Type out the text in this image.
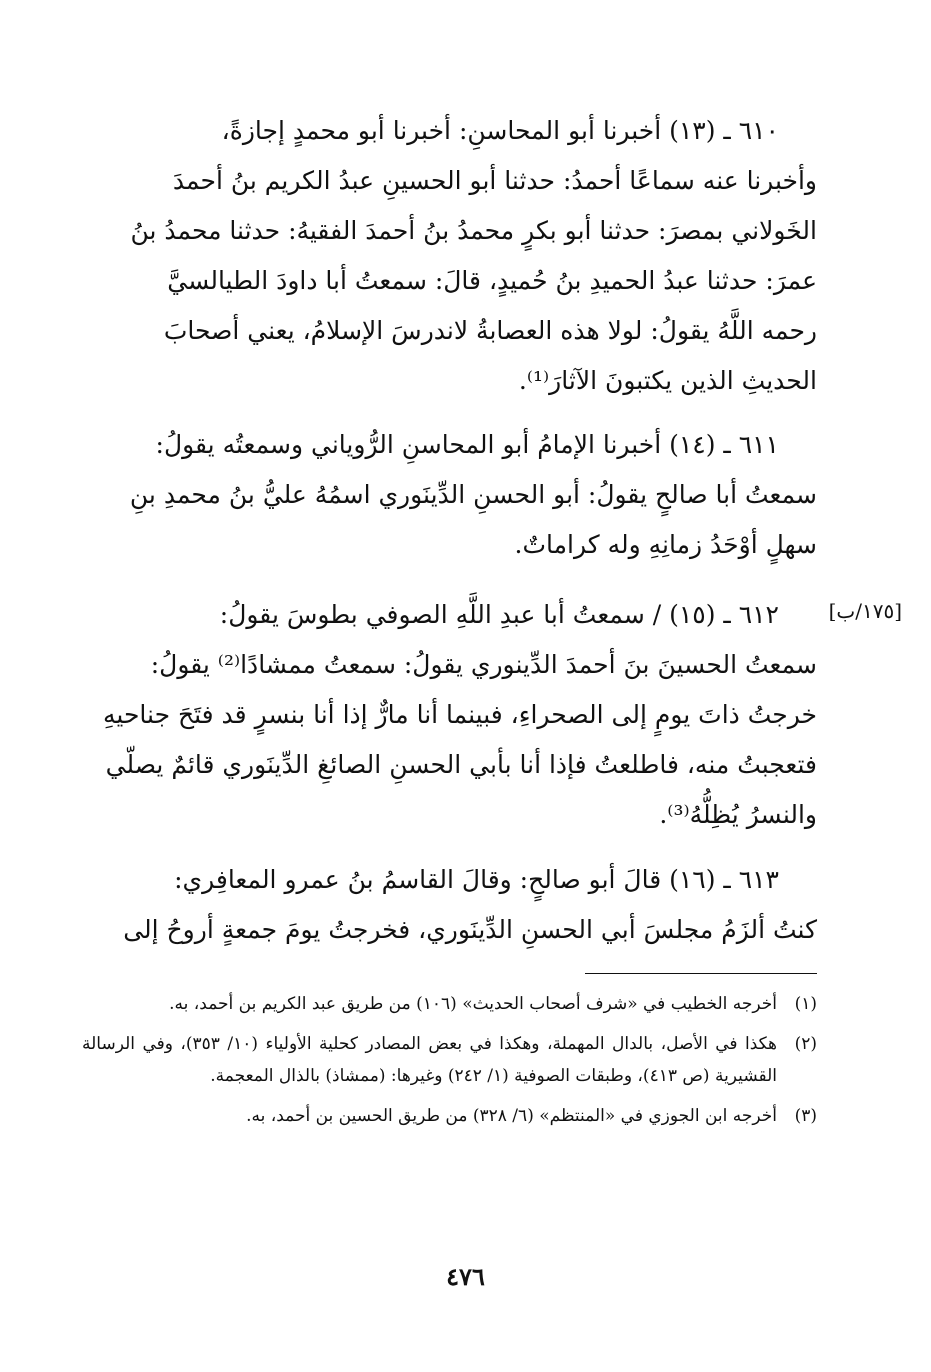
[١٧٥/ب]

٦١٠ ـ (١٣) أخبرنا أبو المحاسنِ: أخبرنا أبو محمدٍ إجازةً،

وأخبرنا عنه سماعًا أحمدُ: حدثنا أبو الحسينِ عبدُ الكريم بنُ أحمدَ

الخَولاني بمصرَ: حدثنا أبو بكرٍ محمدُ بنُ أحمدَ الفقيهُ: حدثنا محمدُ بنُ

عمرَ: حدثنا عبدُ الحميدِ بنُ حُميدٍ، قالَ: سمعتُ أبا داودَ الطيالسيَّ

رحمه اللَّهُ يقولُ: لولا هذه العصابةُ لاندرسَ الإسلامُ، يعني أصحابَ

الحديثِ الذين يكتبونَ الآثارَ⁽¹⁾.

٦١١ ـ (١٤) أخبرنا الإمامُ أبو المحاسنِ الرُّوياني وسمعتُه يقولُ:

سمعتُ أبا صالحٍ يقولُ: أبو الحسنِ الدِّينَوري اسمُهُ عليُّ بنُ محمدِ بنِ

سهلٍ أوْحَدُ زمانِهِ وله كراماتٌ.

٦١٢ ـ (١٥) / سمعتُ أبا عبدِ اللَّهِ الصوفي بطوسَ يقولُ:

سمعتُ الحسينَ بنَ أحمدَ الدِّينوري يقولُ: سمعتُ ممشادًا⁽²⁾ يقولُ:

خرجتُ ذاتَ يومٍ إلى الصحراءِ، فبينما أنا مارٌّ إذا أنا بنسرٍ قد فتَحَ جناحيهِ

فتعجبتُ منه، فاطلعتُ فإذا أنا بأبي الحسنِ الصائغِ الدِّينَوري قائمٌ يصلّي

والنسرُ يُظِلُّهُ⁽³⁾.

٦١٣ ـ (١٦) قالَ أبو صالحٍ: وقالَ القاسمُ بنُ عمرو المعافِري:

كنتُ ألزَمُ مجلسَ أبي الحسنِ الدِّينَوري، فخرجتُ يومَ جمعةٍ أروحُ إلى

(١)
أخرجه الخطيب في «شرف أصحاب الحديث» (١٠٦) من طريق عبد الكريم بن أحمد، به.
(٢)
هكذا في الأصل، بالدال المهملة، وهكذا في بعض المصادر كحلية الأولياء (١٠/ ٣٥٣)، وفي الرسالة القشيرية (ص ٤١٣)، وطبقات الصوفية (١/ ٢٤٢) وغيرها: (ممشاذ) بالذال المعجمة.
(٣)
أخرجه ابن الجوزي في «المنتظم» (٦/ ٣٢٨) من طريق الحسين بن أحمد، به.
٤٧٦
